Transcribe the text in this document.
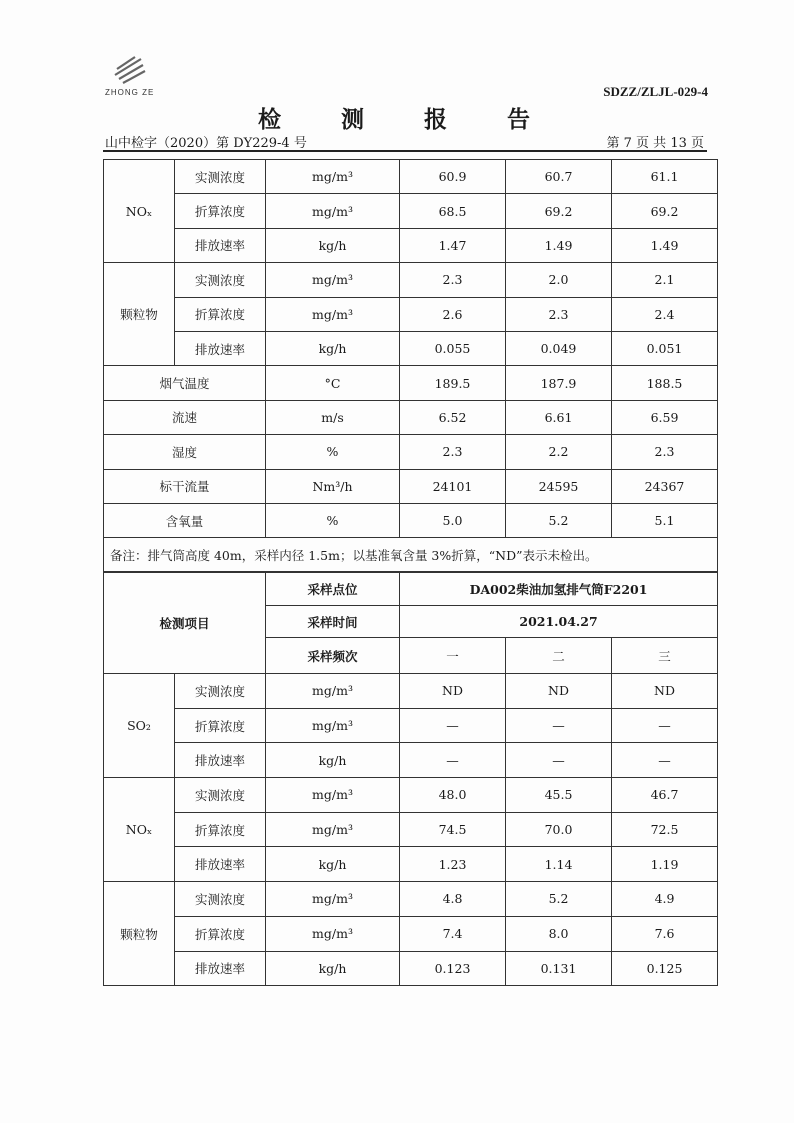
ZHONG ZE	SDZZ/ZLJL-029-4
检 测 报 告
山中检字（2020）第 DY229-4 号	第 7 页 共 13 页
NOₓ	实测浓度	mg/m³	60.9	60.7	61.1
	折算浓度	mg/m³	68.5	69.2	69.2
	排放速率	kg/h	1.47	1.49	1.49
颗粒物	实测浓度	mg/m³	2.3	2.0	2.1
	折算浓度	mg/m³	2.6	2.3	2.4
	排放速率	kg/h	0.055	0.049	0.051
烟气温度		°C	189.5	187.9	188.5
流速		m/s	6.52	6.61	6.59
湿度		%	2.3	2.2	2.3
标干流量		Nm³/h	24101	24595	24367
含氧量		%	5.0	5.2	5.1
备注：排气筒高度 40m，采样内径 1.5m；以基准氧含量 3%折算，“ND”表示未检出。					
检测项目		采样点位	DA002柴油加氢排气筒F2201		
		采样时间	2021.04.27		
		采样频次	一	二	三
SO₂	实测浓度	mg/m³	ND	ND	ND
	折算浓度	mg/m³	—	—	—
	排放速率	kg/h	—	—	—
NOₓ	实测浓度	mg/m³	48.0	45.5	46.7
	折算浓度	mg/m³	74.5	70.0	72.5
	排放速率	kg/h	1.23	1.14	1.19
颗粒物	实测浓度	mg/m³	4.8	5.2	4.9
	折算浓度	mg/m³	7.4	8.0	7.6
	排放速率	kg/h	0.123	0.131	0.125
